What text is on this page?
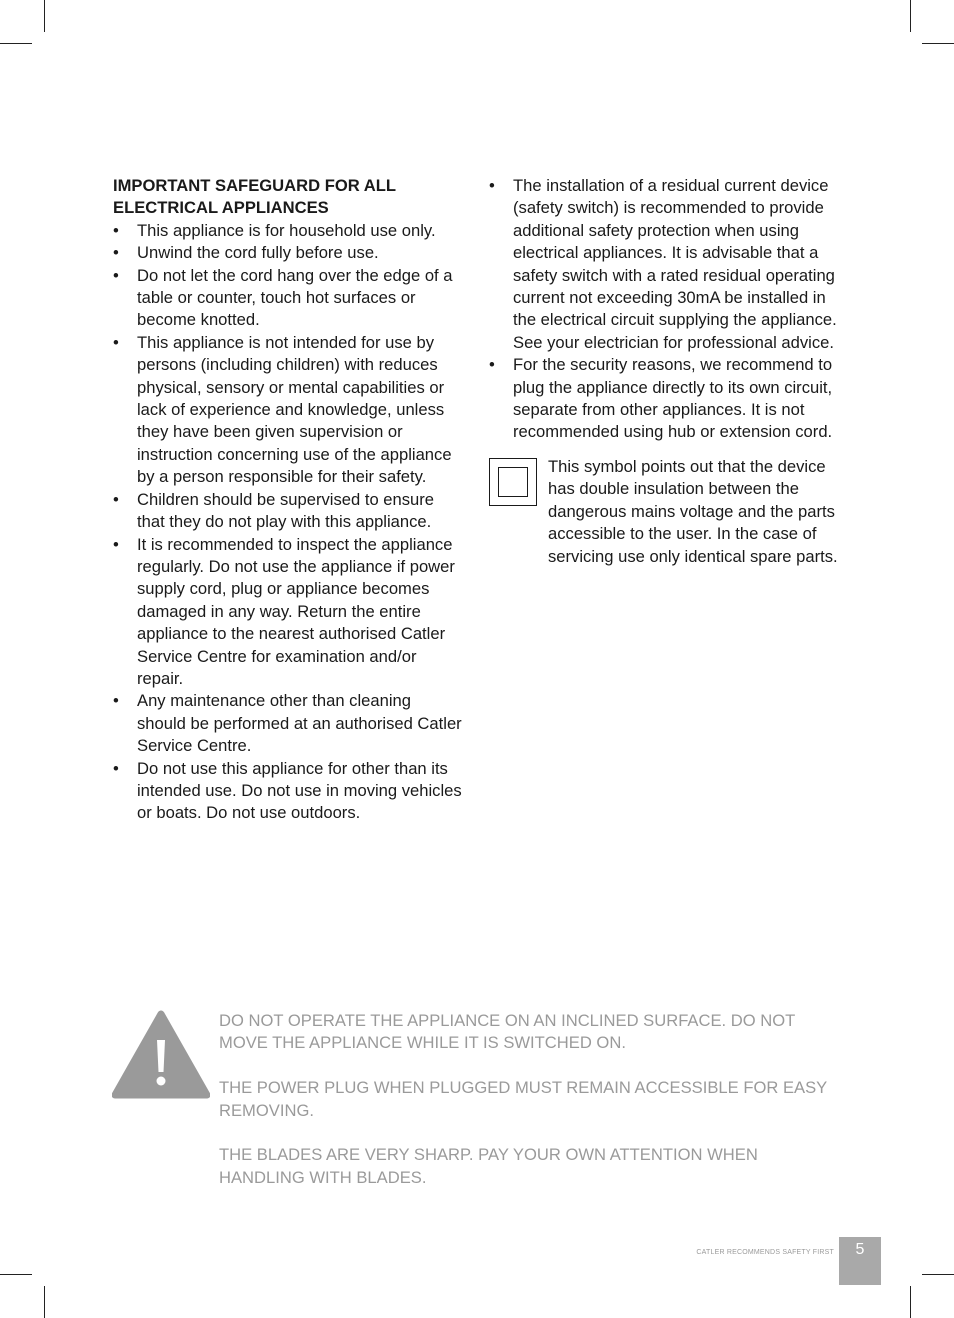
IMPORTANT SAFEGUARD FOR ALL ELECTRICAL APPLIANCES

•	This appliance is for household use only.
•	Unwind the cord fully before use.
•	Do not let the cord hang over the edge of a table or counter, touch hot surfaces or become knotted.
•	This appliance is not intended for use by persons (including children) with reduces physical, sensory or mental capabilities or lack of experience and knowledge, unless they have been given supervision or instruction concerning use of the appliance by a person responsible for their safety.
•	Children should be supervised to ensure that they do not play with this appliance.
•	It is recommended to inspect the appliance regularly. Do not use the appliance if power supply cord, plug or appliance becomes damaged in any way. Return the entire appliance to the nearest authorised Catler Service Centre for examination and/or repair.
•	Any maintenance other than cleaning should be performed at an authorised Catler Service Centre.
•	Do not use this appliance for other than its intended use. Do not use in moving vehicles or boats. Do not use outdoors.
•	The installation of a residual current device (safety switch) is recommended to provide additional safety protection when using electrical appliances. It is advisable that a safety switch with a rated residual operating current not exceeding 30mA be installed in the electrical circuit supplying the appliance. See your electrician for professional advice.
•	For the security reasons, we recommend to plug the appliance directly to its own circuit, separate from other appliances. It is not recommended using hub or extension cord.
This symbol points out that the device has double insulation between the dangerous mains voltage and the parts accessible to the user. In the case of servicing use only identical spare parts.

DO NOT OPERATE THE APPLIANCE ON AN INCLINED SURFACE. DO NOT MOVE THE APPLIANCE WHILE IT IS SWITCHED ON.

THE POWER PLUG WHEN PLUGGED MUST REMAIN ACCESSIBLE FOR EASY REMOVING.

THE BLADES ARE VERY SHARP. PAY YOUR OWN ATTENTION WHEN HANDLING WITH BLADES.

CATLER RECOMMENDS SAFETY FIRST	5
